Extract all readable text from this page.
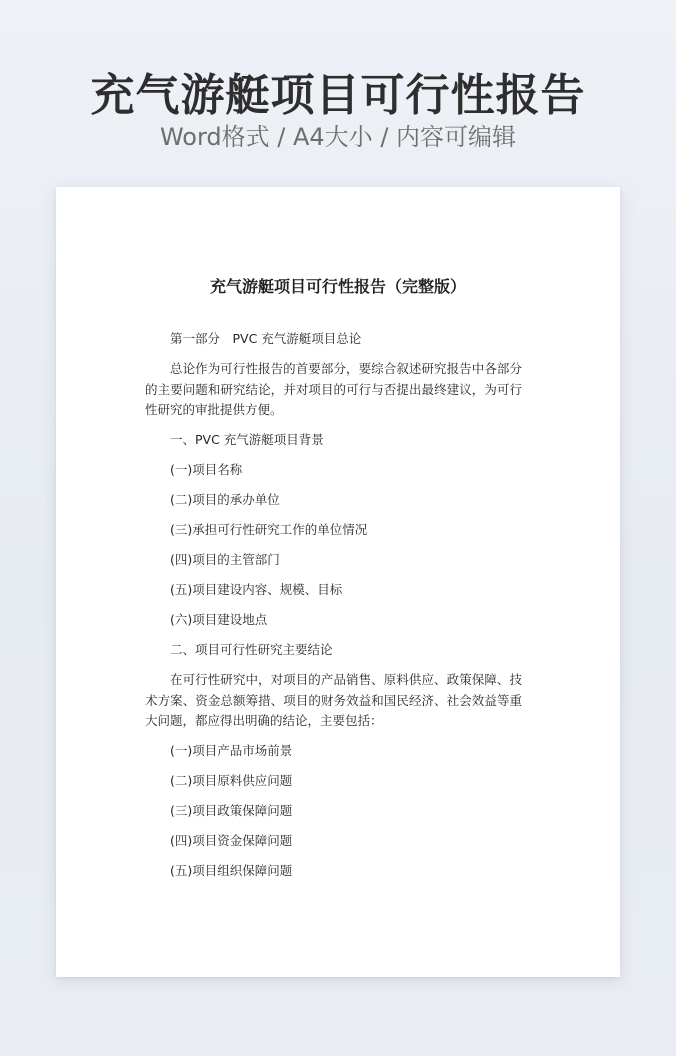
充气游艇项目可行性报告
Word格式 / A4大小 / 内容可编辑
充气游艇项目可行性报告（完整版）

第一部分　PVC 充气游艇项目总论

总论作为可行性报告的首要部分，要综合叙述研究报告中各部分的主要问题和研究结论，并对项目的可行与否提出最终建议，为可行性研究的审批提供方便。

一、PVC 充气游艇项目背景

(一)项目名称

(二)项目的承办单位

(三)承担可行性研究工作的单位情况

(四)项目的主管部门

(五)项目建设内容、规模、目标

(六)项目建设地点

二、项目可行性研究主要结论

在可行性研究中，对项目的产品销售、原料供应、政策保障、技术方案、资金总额筹措、项目的财务效益和国民经济、社会效益等重大问题，都应得出明确的结论，主要包括：

(一)项目产品市场前景

(二)项目原料供应问题

(三)项目政策保障问题

(四)项目资金保障问题

(五)项目组织保障问题
